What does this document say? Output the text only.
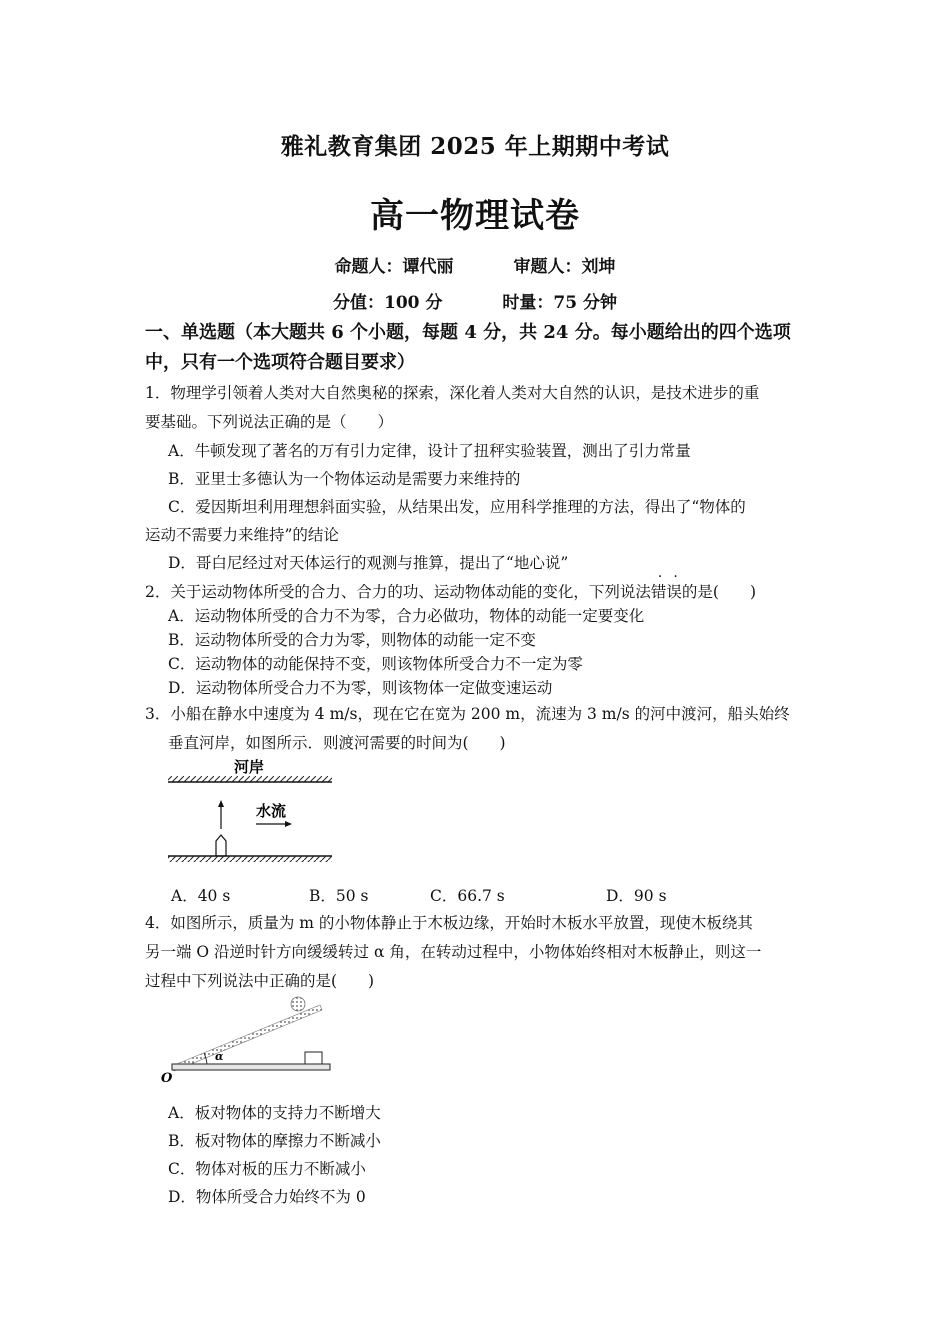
雅礼教育集团 2025 年上期期中考试
高一物理试卷
命题人：谭代丽	审题人：刘坤
分值：100 分	时量：75 分钟
一、单选题（本大题共 6 个小题，每题 4 分，共 24 分。每小题给出的四个选项
中，只有一个选项符合题目要求）
1．物理学引领着人类对大自然奥秘的探索，深化着人类对大自然的认识，是技术进步的重
要基础。下列说法正确的是（　　）
A．牛顿发现了著名的万有引力定律，设计了扭秤实验装置，测出了引力常量
B．亚里士多德认为一个物体运动是需要力来维持的
C．爱因斯坦利用理想斜面实验，从结果出发，应用科学推理的方法，得出了“物体的
运动不需要力来维持”的结论
D．哥白尼经过对天体运行的观测与推算，提出了“地心说”
2．关于运动物体所受的合力、合力的功、运动物体动能的变化，下列说法错误的是(　　)
A．运动物体所受的合力不为零，合力必做功，物体的动能一定要变化
B．运动物体所受的合力为零，则物体的动能一定不变
C．运动物体的动能保持不变，则该物体所受合力不一定为零
D．运动物体所受合力不为零，则该物体一定做变速运动
3．小船在静水中速度为 4 m/s，现在它在宽为 200 m，流速为 3 m/s 的河中渡河，船头始终
垂直河岸，如图所示．则渡河需要的时间为(　　)
河岸
水流
A．40 s	B．50 s	C．66.7 s	D．90 s
4．如图所示，质量为 m 的小物体静止于木板边缘，开始时木板水平放置，现使木板绕其
另一端 O 沿逆时针方向缓缓转过 α 角，在转动过程中，小物体始终相对木板静止，则这一
过程中下列说法中正确的是(　　)
α
O
A．板对物体的支持力不断增大
B．板对物体的摩擦力不断减小
C．物体对板的压力不断减小
D．物体所受合力始终不为 0
